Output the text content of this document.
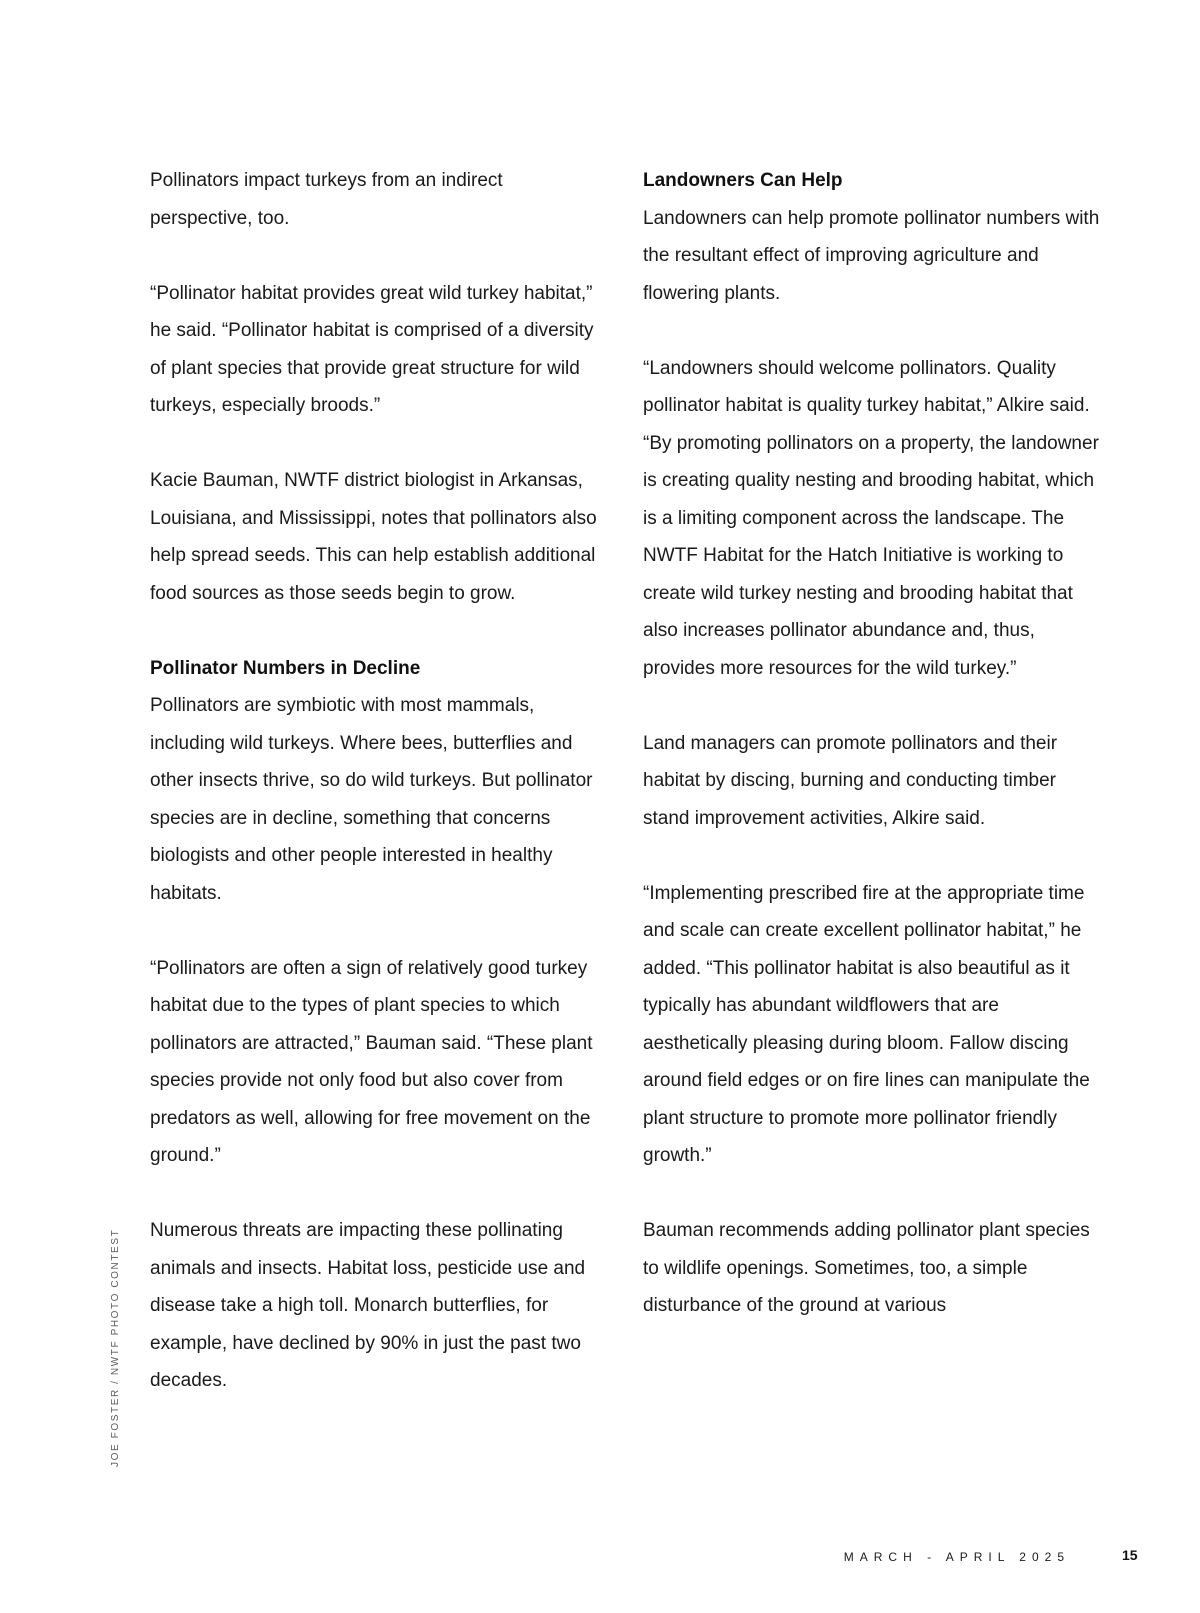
Pollinators impact turkeys from an indirect perspective, too.

“Pollinator habitat provides great wild turkey habitat,” he said. “Pollinator habitat is comprised of a diversity of plant species that provide great structure for wild turkeys, especially broods.”

Kacie Bauman, NWTF district biologist in Arkansas, Louisiana, and Mississippi, notes that pollinators also help spread seeds. This can help establish additional food sources as those seeds begin to grow.

Pollinator Numbers in Decline

Pollinators are symbiotic with most mammals, including wild turkeys. Where bees, butterflies and other insects thrive, so do wild turkeys. But pollinator species are in decline, something that concerns biologists and other people interested in healthy habitats.

“Pollinators are often a sign of relatively good turkey habitat due to the types of plant species to which pollinators are attracted,” Bauman said. “These plant species provide not only food but also cover from predators as well, allowing for free movement on the ground.”

Numerous threats are impacting these pollinating animals and insects. Habitat loss, pesticide use and disease take a high toll. Monarch butterflies, for example, have declined by 90% in just the past two decades.

Landowners Can Help

Landowners can help promote pollinator numbers with the resultant effect of improving agriculture and flowering plants.

“Landowners should welcome pollinators. Quality pollinator habitat is quality turkey habitat,” Alkire said. “By promoting pollinators on a property, the landowner is creating quality nesting and brooding habitat, which is a limiting component across the landscape. The NWTF Habitat for the Hatch Initiative is working to create wild turkey nesting and brooding habitat that also increases pollinator abundance and, thus, provides more resources for the wild turkey.”

Land managers can promote pollinators and their habitat by discing, burning and conducting timber stand improvement activities, Alkire said.

“Implementing prescribed fire at the appropriate time and scale can create excellent pollinator habitat,” he added. “This pollinator habitat is also beautiful as it typically has abundant wildflowers that are aesthetically pleasing during bloom. Fallow discing around field edges or on fire lines can manipulate the plant structure to promote more pollinator friendly growth.”

Bauman recommends adding pollinator plant species to wildlife openings. Sometimes, too, a simple disturbance of the ground at various

JOE FOSTER / NWTF PHOTO CONTEST
MARCH - APRIL 2025	15
